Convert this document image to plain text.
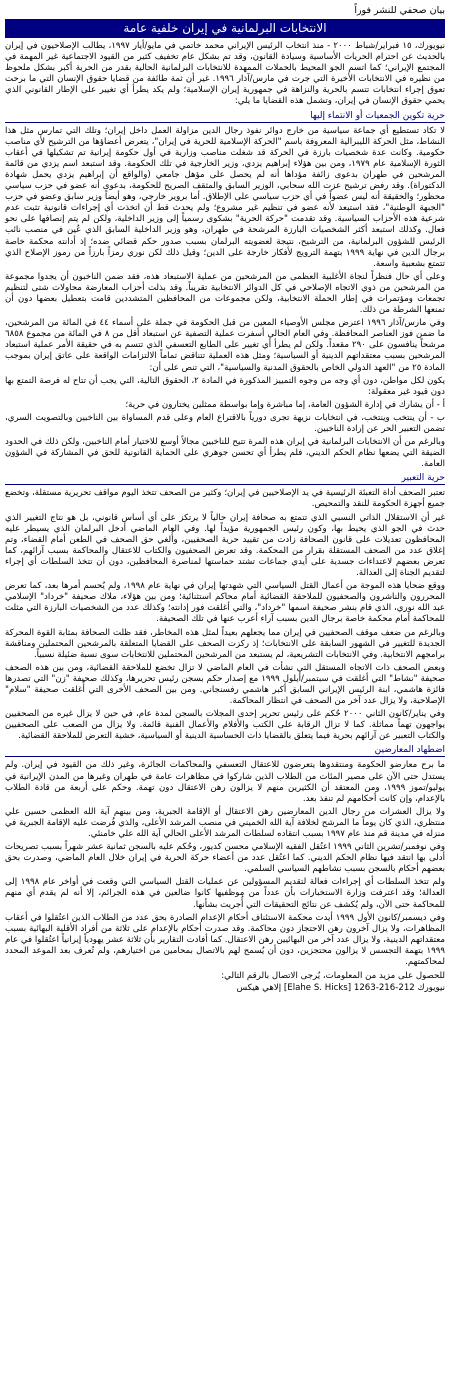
بيان صحفي للنشر فوراً
الانتخابات البرلمانية في إيران خلفية عامة

نيويورك، ١٥ فبراير/شباط ٢٠٠٠ - منذ انتخاب الرئيس الإيراني محمد خاتمي في مايو/أيار ١٩٩٧، يطالب الإصلاحيون في إيران بالحديث عن احترام الحريات الأساسية وسيادة القانون، وقد تم بشكل عام تخفيف كثير من القيود الاجتماعية غير المهمة في المجتمع الإيراني؛ كما اتسم الجو المحيط بالحملات الممهدة للانتخابات البرلمانية الحالية بقدر من الحرية أكبر بشكل ملحوظ من نظيره في الانتخابات الأخيرة التي جرت في مارس/آذار ١٩٩٦. غير أن ثمة طائفة من قضايا حقوق الإنسان التي ما برحت تعوق إجراء انتخابات تتسم بالحرية والنزاهة في جمهورية إيران الإسلامية؛ ولم يكد يطرأ أي تغيير على الإطار القانوني الذي يحمي حقوق الإنسان في إيران، وتشمل هذه القضايا ما يلي:

حرية تكوين الجمعيات أو الانتماء إليها

لا تكاد تستطيع أي جماعة سياسية من خارج دوائر نفوذ رجال الدين مزاولة العمل داخل إيران؛ وتلك التي تمارس مثل هذا النشاط، مثل الحركة الليبرالية المعروفة باسم "الحركة الإسلامية للحرية في إيران"، يتعرض أعضاؤها من الترشيح لأي مناصب حكومية. وكانت عدة شخصيات بارزة في الحركة قد شغلت مناصب وزارية في أول حكومة إيرانية تم تشكيلها في أعقاب الثورة الإسلامية عام ١٩٧٩، ومن بين هؤلاء إبراهيم يزدي، وزير الخارجية في تلك الحكومة. وقد استبعد اسم يزدي من قائمة المرشحين في طهران بدعوى زائفة مؤداها أنه لم يحصل على مؤهل جامعي (والواقع أن إبراهيم يزدي يحمل شهادة الدكتوراة). وقد رفض ترشيح عزت الله سحابي، الوزير السابق والمثقف الصريح للحكومة، بدعوى أنه عضو في حزب سياسي محظور؛ والحقيقة أنه ليس عضواً في أي حزب سياسي على الإطلاق. أما بروير خارجي، وهو أيضاً وزير سابق وعضو في حزب "الجبهة الوطنية"، فقد استبعد لأنه عضو في تنظيم غير مشروع؛ ولم يحدث قط أن اتخذت أي إجراءات قانونية تثبت عدم شرعية هذه الأحزاب السياسية. وقد تقدمت "حركة الحرية" بشكوى رسمياً إلى وزير الداخلية، ولكن لم يتم إنصافها على نحو فعال. وكذلك استبعد أكثر الشخصيات البارزة المرشحة في طهران، وهو وزير الداخلية السابق الذي عُين في منصب نائب الرئيس للشؤون البرلمانية، من الترشيح، نتيجة لعضويته البرلمان بسبب صدور حكم قضائي ضده؛ إذ أدانته محكمة خاصة برجال الدين في نهاية ١٩٩٩ بتهمة الترويج لأفكار خارجة على الدين؛ وقيل ذلك لكن نوري رمزاً بارزاً من رموز الإصلاح الذي تتمتع بشعبية واسعة.

وعلى أي حال فنظراً لنجاة الأغلبية العظمى من المرشحين من عملية الاستبعاد هذه، فقد ضمن الناخبون أن يجدوا مجموعة من المرشحين من ذوي الاتجاه الإصلاحي في كل الدوائر الانتخابية تقريباً. وقد بذلت أحزاب المعارضة محاولات شتى لتنظيم تجمعات ومؤتمرات في إطار الحملة الانتخابية، ولكن مجموعات من المحافظين المتشددين قامت بتعطيل بعضها دون أن تمنعها الشرطة من ذلك.

وفي مارس/آذار ١٩٩٦ اعترض مجلس الأوصياء المعين من قبل الحكومة في جملة على أسماء ٤٤ في المائة من المرشحين، ما ضمن فوز العناصر المحافظة. وفي العام الحالي أسفرت عملية التصفية عن استبعاد أقل من ٨ في المائة من مجموع ٦٨٥٨ مرشحاً ينافسون على ٢٩٠ مقعداً. ولكن لم يطرأ أي تغيير على الطابع التعسفي الذي تتسم به في حقيقة الأمر عملية استبعاد المرشحين بسبب معتقداتهم الدينية أو السياسية؛ ومثل هذه العملية تتناقض تماماً الالتزامات الواقعة على عاتق إيران بموجب المادة ٢٥ من "العهد الدولي الخاص بالحقوق المدنية والسياسية"، التي تنص على أن:

يكون لكل مواطن، دون أي وجه من وجوه التمييز المذكورة في المادة ٢، الحقوق التالية، التي يجب أن تتاح له فرصة التمتع بها دون قيود غير معقولة:

أ - أن يشارك في إدارة الشؤون العامة، إما مباشرة وإما بواسطة ممثلين يختارون في حرية؛

ب - أن ينتخب وينتخب، في انتخابات نزيهة تجرى دورياً بالاقتراع العام وعلى قدم المساواة بين الناخبين وبالتصويت السري، تضمن التعبير الحر عن إرادة الناخبين.

وبالرغم من أن الانتخابات البرلمانية في إيران هذه المرة تتيح للناخبين مجالاً أوسع للاختيار أمام الناخبين، ولكن ذلك في الحدود الضيقة التي يضعها نظام الحكم الديني، فلم يطرأ أي تحسن جوهري على الحماية القانونية للحق في المشاركة في الشؤون العامة.

حرية التعبير

تعتبر الصحف أداة التعبئة الرئيسية في يد الإصلاحيين في إيران؛ وكثير من الصحف تتخذ اليوم مواقف تحريرية مستقلة، وتخضع جميع أجهزة الحكومة للنقد والتمحيص.

غير أن الاستقلال الذاتي النسبي الذي تتمتع به صحافة إيران حالياً لا يرتكز على أي أساس قانوني، بل هو نتاج التغيير الذي حدث في الجو الذي يحيط بها، وكون رئيس الجمهورية مؤيداً لها. وفي العام الماضي أدخل البرلمان الذي يسيطر عليه المحافظون تعديلات على قانون الصحافة زادت من تقييد حرية الصحفيين، وأُلغي حق الصحف في الطعن أمام القضاء، وتم إغلاق عدد من الصحف المستقلة بقرار من المحكمة. وقد تعرض الصحفيون والكتاب للاعتقال والمحاكمة بسبب آرائهم، كما تعرض بعضهم لاعتداءات جسدية على أيدي جماعات تشتد حماستها لمناصرة المحافظين، دون أن تتخذ السلطات أي إجراء لتقديم الجناة إلى العدالة.

ووقع ضحايا هذه الموجة من أعمال القتل السياسي التي شهدتها إيران في نهاية عام ١٩٩٨، ولم يُحسم أمرها بعد، كما تعرض المحررون والناشرون والصحفيون للملاحقة القضائية أمام محاكم استثنائية؛ ومن بين هؤلاء، ملاك صحيفة "خرداد" الإسلامي عبد الله نوري، الذي قام بنشر صحيفة اسمها "خرداد"، والتي أغلقت فور إدانته؛ وكذلك عدد من الشخصيات البارزة التي مثلت للمحاكمة أمام محكمة خاصة برجال الدين بسبب آراء أعرب عنها في تلك الصحيفة.

وبالرغم من ضعف موقف الصحفيين في إيران مما يجعلهم بعيداً لمثل هذه المخاطر، فقد ظلت الصحافة بمثابة القوة المحركة الجديدة للتغيير في الشهور السابقة على الانتخابات؛ إذ ركزت الصحف على القضايا المتعلقة بالمرشحين المحتملين ومناقشة برامجهم الانتخابية. وفي الانتخابات التشريعية، لم يستبعد من المرشحين المحتملين للانتخابات سوى نسبة ضئيلة نسبياً.

وبعض الصحف ذات الاتجاه المستقل التي نشأت في العام الماضي لا تزال تخضع للملاحقة القضائية، ومن بين هذه الصحف صحيفة "نشاط" التي أغلقت في سبتمبر/أيلول ١٩٩٩ مع إصدار حكم بسجن رئيس تحريرها، وكذلك صحيفة "زن" التي تصدرها فائزة هاشمي، ابنة الرئيس الإيراني السابق أكبر هاشمي رفسنجاني. ومن بين الصحف الأخرى التي أُغلقت صحيفة "سلام" الإصلاحية، ولا يزال عدد آخر من الصحف في انتظار المحاكمة.

وفي يناير/كانون الثاني ٢٠٠٠ حُكم على رئيس تحرير إحدى المجلات بالسجن لمدة عام، في حين لا يزال غيره من الصحفيين يواجهون تهماً مماثلة. كما لا تزال الرقابة على الكتب والأفلام والأعمال الفنية قائمة. ولا يزال من الصعب على الصحفيين والكتاب التعبير عن آرائهم بحرية فيما يتعلق بالقضايا ذات الحساسية الدينية أو السياسية، خشية التعرض للملاحقة القضائية.

اضطهاد المعارضين

ما برح معارضو الحكومة ومنتقدوها يتعرضون للاعتقال التعسفي والمحاكمات الجائرة، وغير ذلك من القيود في إيران. ولم يستدل حتى الآن على مصير المئات من الطلاب الذين شاركوا في مظاهرات عامة في طهران وغيرها من المدن الإيرانية في يوليو/تموز ١٩٩٩، ومن المعتقد أن الكثيرين منهم لا يزالون رهن الاعتقال دون تهمة. وحكم على أربعة من قادة الطلاب بالإعدام، وإن كانت أحكامهم لم تنفذ بعد.

ولا يزال العشرات من رجال الدين المعارضين رهن الاعتقال أو الإقامة الجبرية، ومن بينهم آية الله العظمى حسين علي منتظري، الذي كان يوماً ما المرشح لخلافة آية الله الخميني في منصب المرشد الأعلى، والذي فُرضت عليه الإقامة الجبرية في منزله في مدينة قم منذ عام ١٩٩٧ بسبب انتقاده لسلطات المرشد الأعلى الحالي آية الله علي خامنئي.

وفي نوفمبر/تشرين الثاني ١٩٩٩ اعتُقل الفقيه الإسلامي محسن كديور، وحُكم عليه بالسجن ثمانية عشر شهراً بسبب تصريحات أدلى بها انتقد فيها نظام الحكم الديني. كما اعتُقل عدد من أعضاء حركة الحرية في إيران خلال العام الماضي، وصدرت بحق بعضهم أحكام بالسجن بسبب نشاطهم السياسي السلمي.

ولم تتخذ السلطات أي إجراءات فعالة لتقديم المسؤولين عن عمليات القتل السياسي التي وقعت في أواخر عام ١٩٩٨ إلى العدالة؛ وقد اعترفت وزارة الاستخبارات بأن عدداً من موظفيها كانوا ضالعين في هذه الجرائم، إلا أنه لم يقدم أي منهم للمحاكمة حتى الآن، ولم يُكشف عن نتائج التحقيقات التي أُجريت بشأنها.

وفي ديسمبر/كانون الأول ١٩٩٩ أيدت محكمة الاستئناف أحكام الإعدام الصادرة بحق عدد من الطلاب الذين اعتُقلوا في أعقاب المظاهرات، ولا يزال آخرون رهن الاحتجاز دون محاكمة. وقد صدرت أحكام بالإعدام على ثلاثة من أفراد الأقلية البهائية بسبب معتقداتهم الدينية، ولا يزال عدد آخر من البهائيين رهن الاعتقال. كما أفادت التقارير بأن ثلاثة عشر يهودياً إيرانياً اعتُقلوا في عام ١٩٩٩ بتهمة التجسس لا يزالون محتجزين، دون أن يُسمح لهم بالاتصال بمحامين من اختيارهم، ولم تُعرف بعد الموعد المحدد لمحاكمتهم.

للحصول على مزيد من المعلومات، يُرجى الاتصال بالرقم التالي:
نيويورك 212-216-1263 [Elahe S. Hicks] إلاهي هيكس
